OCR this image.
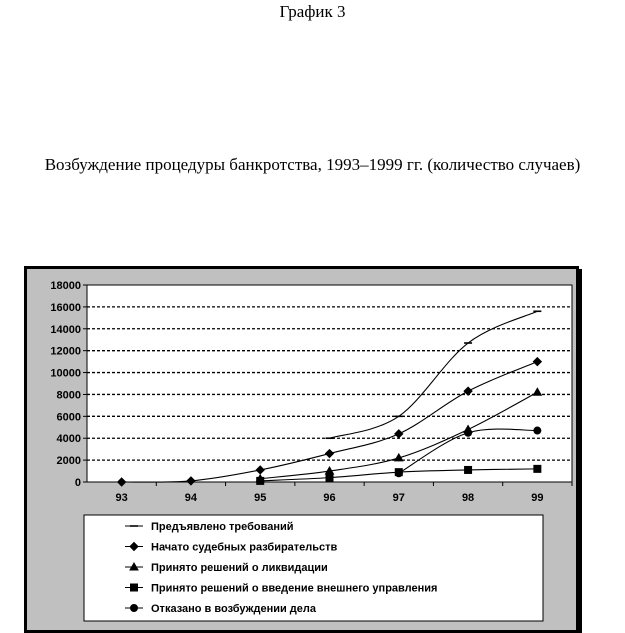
График 3
Возбуждение процедуры банкротства, 1993–1999 гг. (количество случаев)
0
2000
4000
6000
8000
10000
12000
14000
16000
18000
93	94	95	96	97	98	99
Предъявлено требований
Начато судебных разбирательств
Принято решений о ликвидации
Принято решений о введение внешнего управления
Отказано в возбуждении дела
